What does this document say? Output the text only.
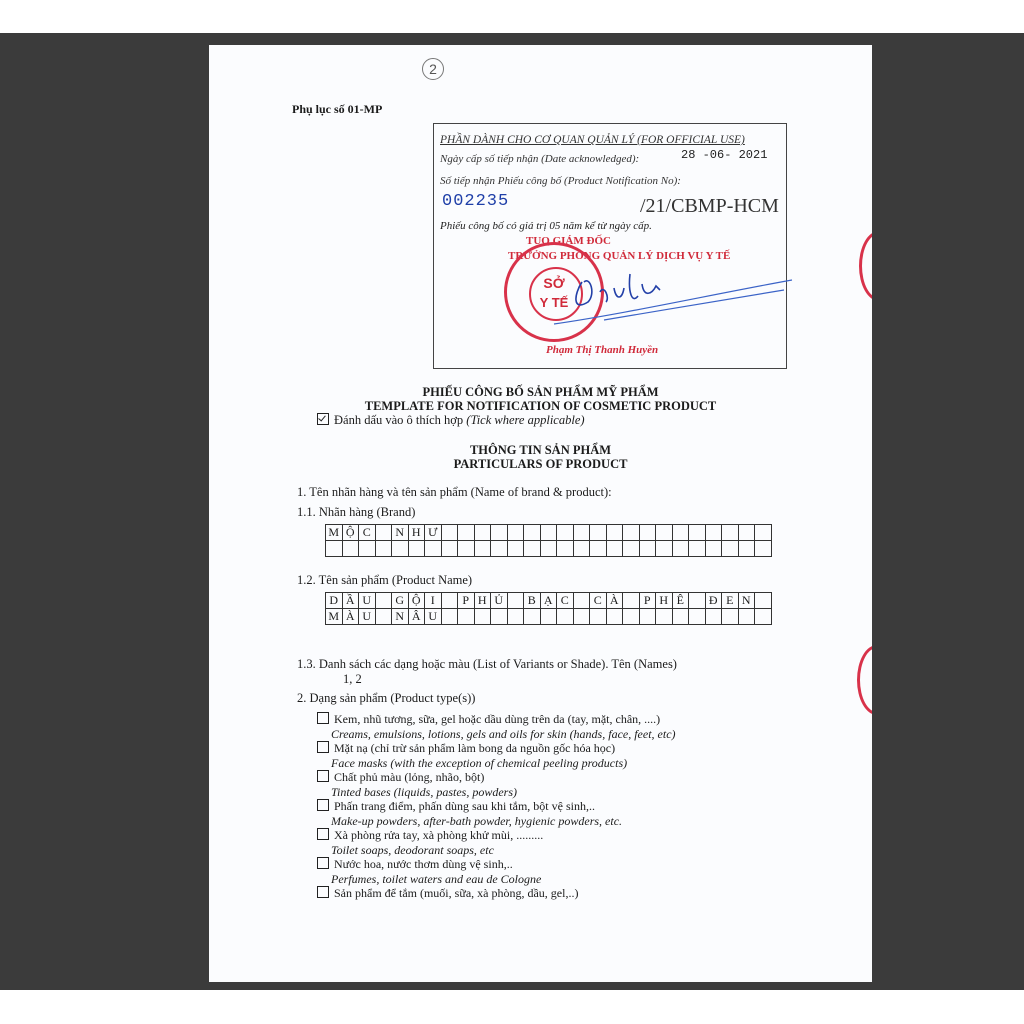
2
Phụ lục số 01-MP
PHẦN DÀNH CHO CƠ QUAN QUẢN LÝ (FOR OFFICIAL USE)
Ngày cấp số tiếp nhận (Date acknowledged):	28 -06- 2021
Số tiếp nhận Phiếu công bố (Product Notification No):
002235	/21/CBMP-HCM
Phiếu công bố có giá trị 05 năm kể từ ngày cấp.
TUQ.GIÁM ĐỐC
TRƯỞNG PHÒNG QUẢN LÝ DỊCH VỤ Y TẾ
SỞ
Y TẾ
Phạm Thị Thanh Huyền
PHIẾU CÔNG BỐ SẢN PHẨM MỸ PHẨM
TEMPLATE FOR NOTIFICATION OF COSMETIC PRODUCT
Đánh dấu vào ô thích hợp (Tick where applicable)
THÔNG TIN SẢN PHẨM
PARTICULARS OF PRODUCT
1. Tên nhãn hàng và tên sản phẩm (Name of brand & product):
1.1. Nhãn hàng (Brand)
M	Ộ	C		N	H	Ư																				

1.2. Tên sản phẩm (Product Name)
D	Ầ	U		G	Ộ	I		P	H	Ủ		B	Ạ	C		C	À		P	H	Ê		Đ	E	N	
M	À	U		N	Â	U																				
1.3. Danh sách các dạng hoặc màu (List of Variants or Shade). Tên (Names)
1, 2
2. Dạng sản phẩm (Product type(s))
Kem, nhũ tương, sữa, gel hoặc dầu dùng trên da (tay, mặt, chân, ....)
Creams, emulsions, lotions, gels and oils for skin (hands, face, feet, etc)
Mặt nạ (chỉ trừ sản phẩm làm bong da nguồn gốc hóa học)
Face masks (with the exception of chemical peeling products)
Chất phủ màu (lỏng, nhão, bột)
Tinted bases (liquids, pastes, powders)
Phấn trang điểm, phấn dùng sau khi tắm, bột vệ sinh,..
Make-up powders, after-bath powder, hygienic powders, etc.
Xà phòng rửa tay, xà phòng khử mùi, .........
Toilet soaps, deodorant soaps, etc
Nước hoa, nước thơm dùng vệ sinh,..
Perfumes, toilet waters and eau de Cologne
Sản phẩm để tắm (muối, sữa, xà phòng, dầu, gel,..)
